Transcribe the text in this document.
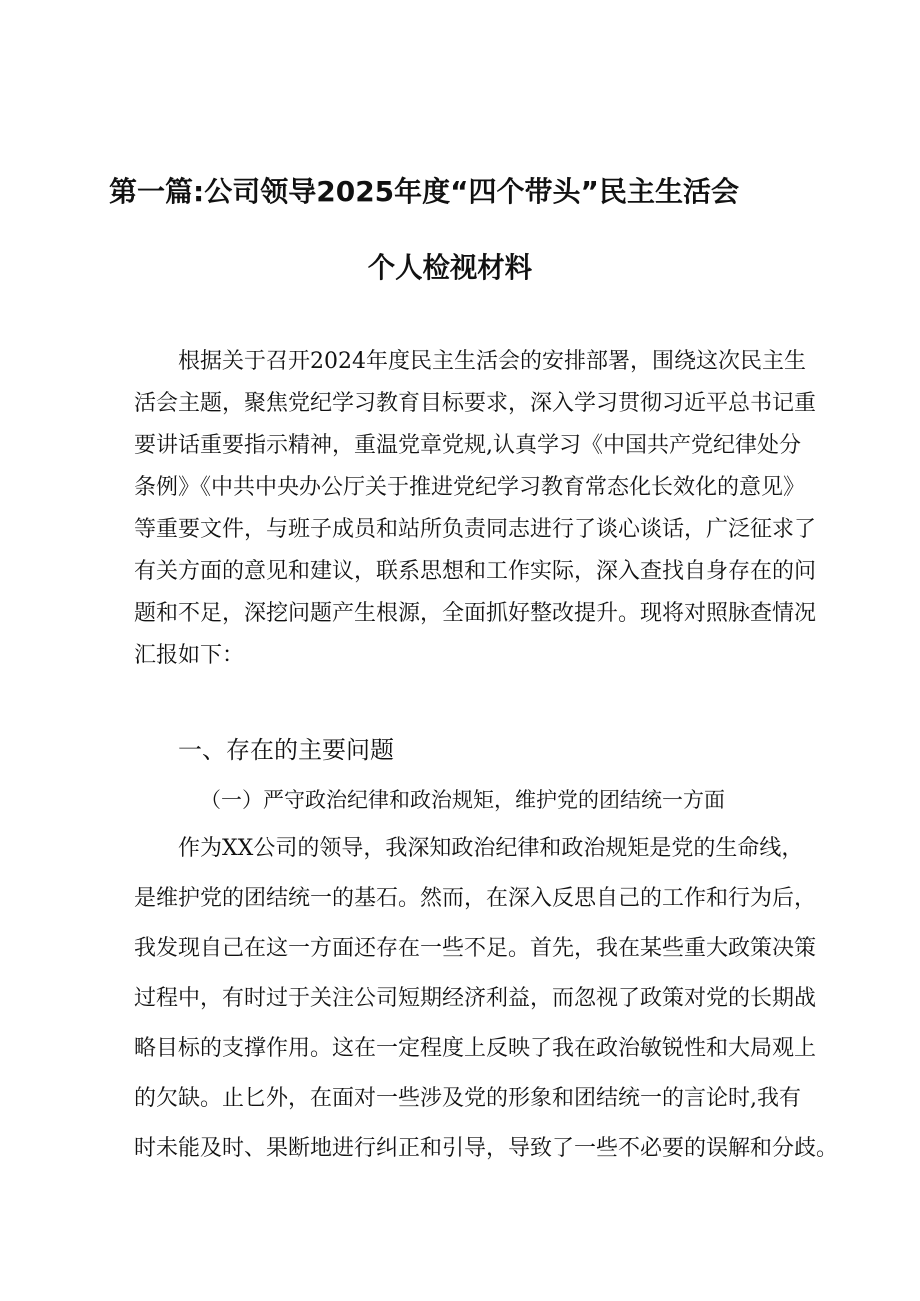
第一篇:公司领导2025年度“四个带头”民主生活会
个人检视材料
根据关于召开2024年度民主生活会的安排部署，围绕这次民主生
活会主题，聚焦党纪学习教育目标要求，深入学习贯彻习近平总书记重
要讲话重要指示精神，重温党章党规,认真学习《中国共产党纪律处分
条例》《中共中央办公厅关于推进党纪学习教育常态化长效化的意见》
等重要文件，与班子成员和站所负责同志进行了谈心谈话，广泛征求了
有关方面的意见和建议，联系思想和工作实际，深入查找自身存在的问
题和不足，深挖问题产生根源，全面抓好整改提升。现将对照脉查情况
汇报如下：
一、存在的主要问题
（一）严守政治纪律和政治规矩，维护党的团结统一方面
作为XX公司的领导，我深知政治纪律和政治规矩是党的生命线，
是维护党的团结统一的基石。然而，在深入反思自己的工作和行为后，
我发现自己在这一方面还存在一些不足。首先，我在某些重大政策决策
过程中，有时过于关注公司短期经济利益，而忽视了政策对党的长期战
略目标的支撑作用。这在一定程度上反映了我在政治敏锐性和大局观上
的欠缺。止匕外，在面对一些涉及党的形象和团结统一的言论时,我有
时未能及时、果断地进行纠正和引导，导致了一些不必要的误解和分歧。
